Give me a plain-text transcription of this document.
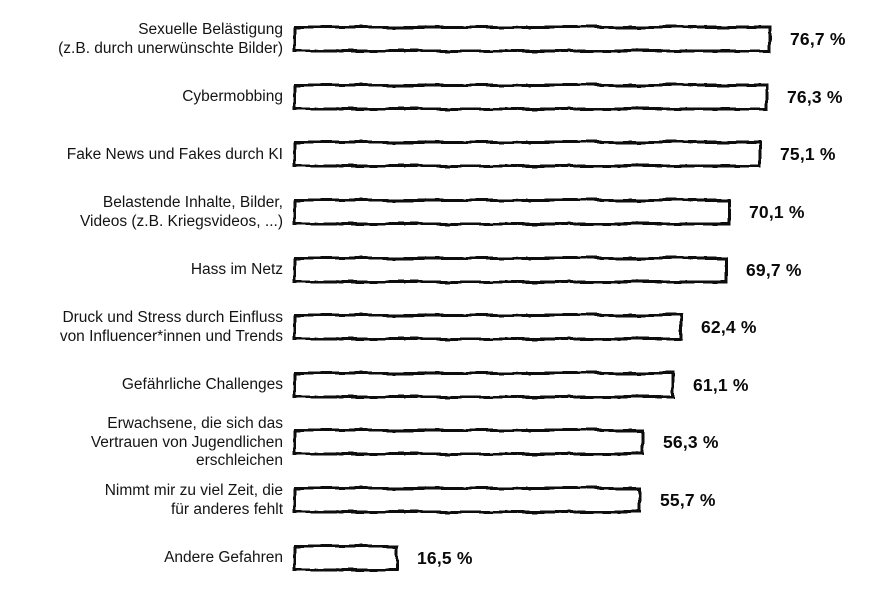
Sexuelle Belästigung
(z.B. durch unerwünschte Bilder)	76,7 %
Cybermobbing	76,3 %
Fake News und Fakes durch KI	75,1 %
Belastende Inhalte, Bilder,
Videos (z.B. Kriegsvideos, ...)	70,1 %
Hass im Netz	69,7 %
Druck und Stress durch Einfluss
von Influencer*innen und Trends	62,4 %
Gefährliche Challenges	61,1 %
Erwachsene, die sich das
Vertrauen von Jugendlichen
erschleichen
56,3 %
Nimmt mir zu viel Zeit, die
für anderes fehlt	55,7 %
Andere Gefahren	16,5 %
